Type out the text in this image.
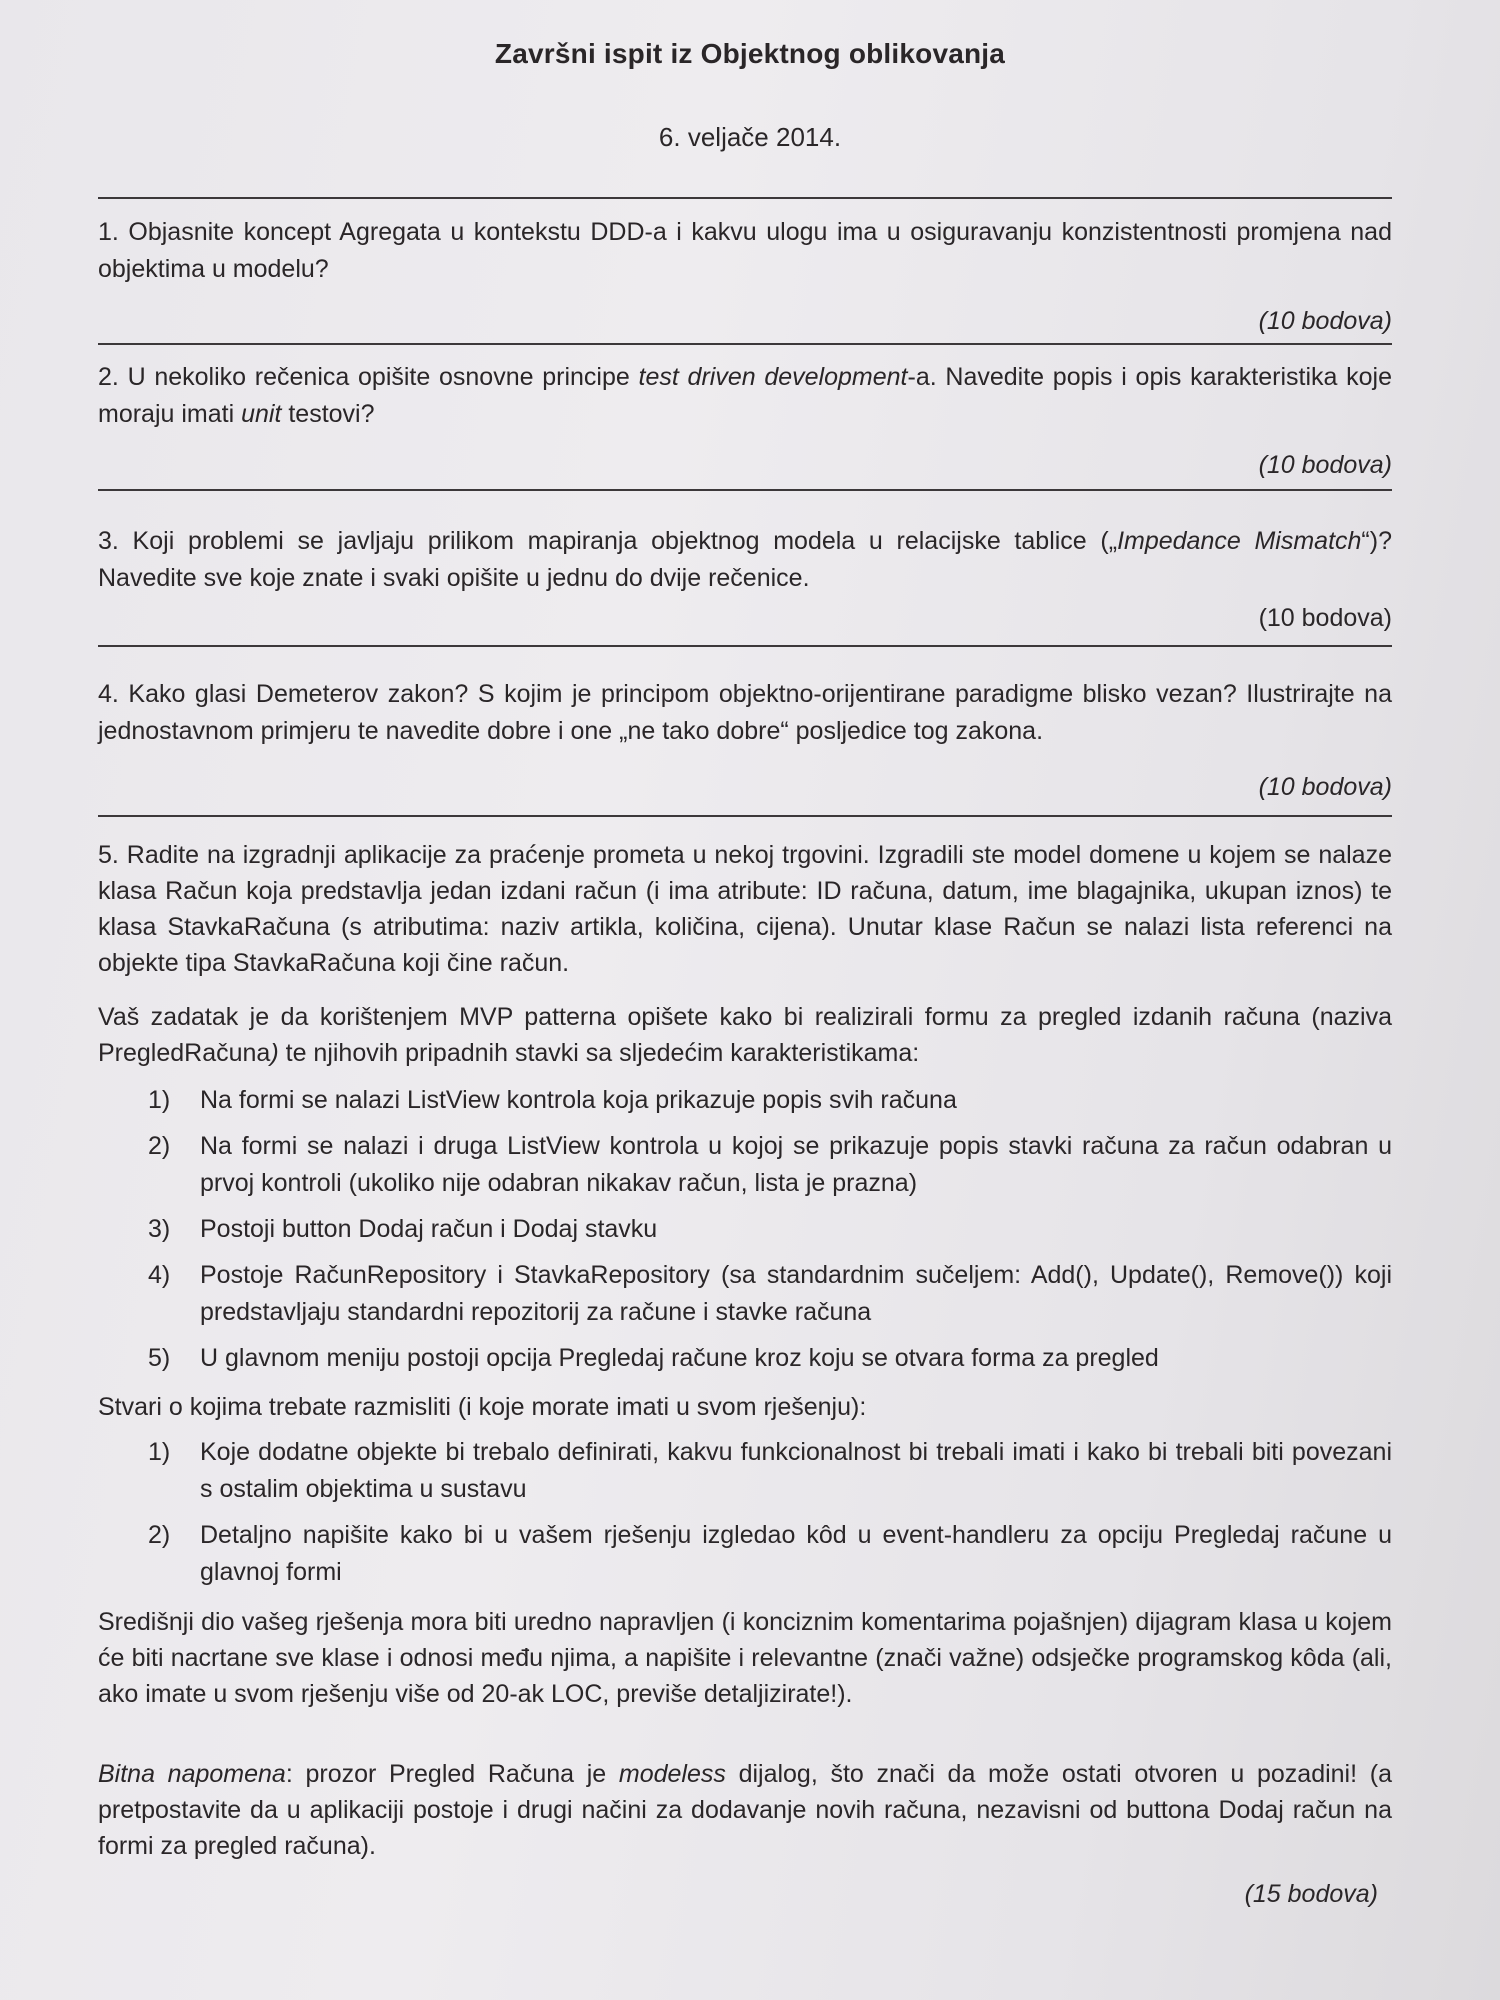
Završni ispit iz Objektnog oblikovanja
6. veljače 2014.
1. Objasnite koncept Agregata u kontekstu DDD-a i kakvu ulogu ima u osiguravanju konzistentnosti promjena nad objektima u modelu?
(10 bodova)
2. U nekoliko rečenica opišite osnovne principe test driven development-a. Navedite popis i opis karakteristika koje moraju imati unit testovi?
(10 bodova)
3. Koji problemi se javljaju prilikom mapiranja objektnog modela u relacijske tablice („Impedance Mismatch“)? Navedite sve koje znate i svaki opišite u jednu do dvije rečenice.
(10 bodova)
4. Kako glasi Demeterov zakon? S kojim je principom objektno-orijentirane paradigme blisko vezan? Ilustrirajte na jednostavnom primjeru te navedite dobre i one „ne tako dobre“ posljedice tog zakona.
(10 bodova)
5. Radite na izgradnji aplikacije za praćenje prometa u nekoj trgovini. Izgradili ste model domene u kojem se nalaze klasa Račun koja predstavlja jedan izdani račun (i ima atribute: ID računa, datum, ime blagajnika, ukupan iznos) te klasa StavkaRačuna (s atributima: naziv artikla, količina, cijena). Unutar klase Račun se nalazi lista referenci na objekte tipa StavkaRačuna koji čine račun.
Vaš zadatak je da korištenjem MVP patterna opišete kako bi realizirali formu za pregled izdanih računa (naziva PregledRačuna) te njihovih pripadnih stavki sa sljedećim karakteristikama:
1) Na formi se nalazi ListView kontrola koja prikazuje popis svih računa
2) Na formi se nalazi i druga ListView kontrola u kojoj se prikazuje popis stavki računa za račun odabran u prvoj kontroli (ukoliko nije odabran nikakav račun, lista je prazna)
3) Postoji button Dodaj račun i Dodaj stavku
4) Postoje RačunRepository i StavkaRepository (sa standardnim sučeljem: Add(), Update(), Remove()) koji predstavljaju standardni repozitorij za račune i stavke računa
5) U glavnom meniju postoji opcija Pregledaj račune kroz koju se otvara forma za pregled
Stvari o kojima trebate razmisliti (i koje morate imati u svom rješenju):
1) Koje dodatne objekte bi trebalo definirati, kakvu funkcionalnost bi trebali imati i kako bi trebali biti povezani s ostalim objektima u sustavu
2) Detaljno napišite kako bi u vašem rješenju izgledao kôd u event-handleru za opciju Pregledaj račune u glavnoj formi
Središnji dio vašeg rješenja mora biti uredno napravljen (i konciznim komentarima pojašnjen) dijagram klasa u kojem će biti nacrtane sve klase i odnosi među njima, a napišite i relevantne (znači važne) odsječke programskog kôda (ali, ako imate u svom rješenju više od 20-ak LOC, previše detaljizirate!).
Bitna napomena: prozor Pregled Računa je modeless dijalog, što znači da može ostati otvoren u pozadini! (a pretpostavite da u aplikaciji postoje i drugi načini za dodavanje novih računa, nezavisni od buttona Dodaj račun na formi za pregled računa).
(15 bodova)
